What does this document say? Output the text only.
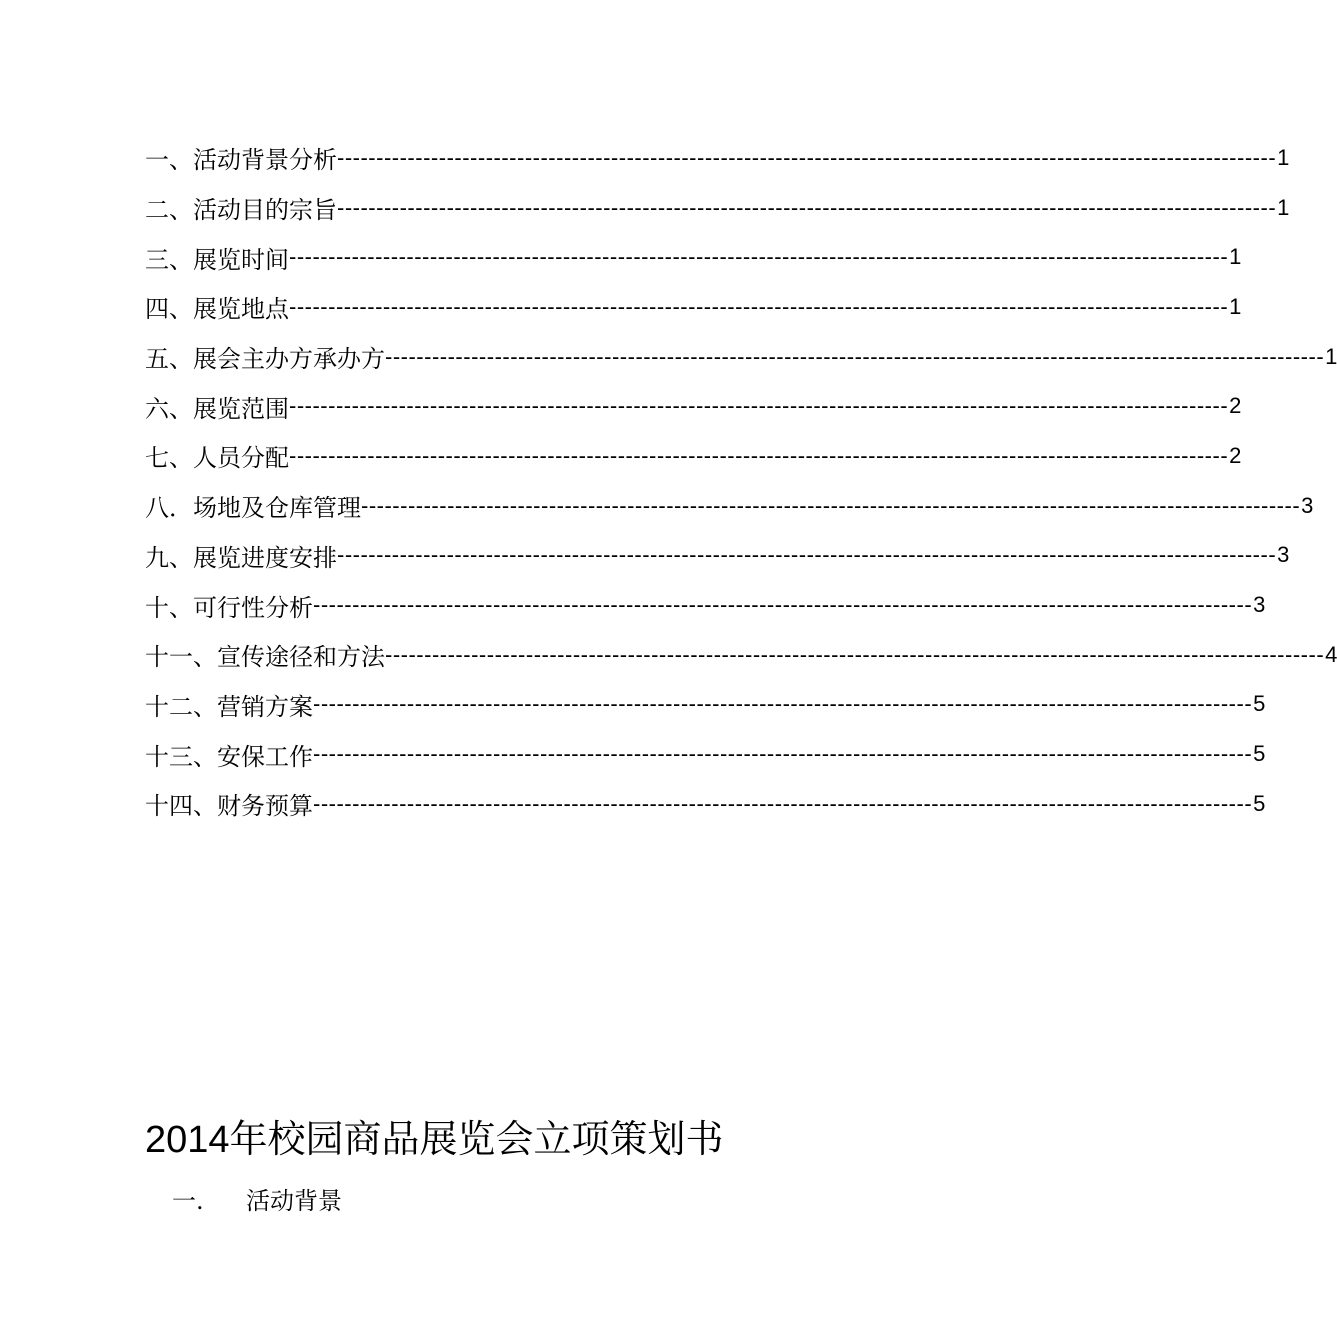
一、活动背景分析 ------------------------------------------------------------------------------------------------------------------------ 1
二、活动目的宗旨 ------------------------------------------------------------------------------------------------------------------------ 1
三、展览时间 ------------------------------------------------------------------------------------------------------------------------ 1
四、展览地点 ------------------------------------------------------------------------------------------------------------------------ 1
五、展会主办方承办方 ------------------------------------------------------------------------------------------------------------------------ 1
六、展览范围 ------------------------------------------------------------------------------------------------------------------------ 2
七、人员分配 ------------------------------------------------------------------------------------------------------------------------ 2
八．场地及仓库管理 ------------------------------------------------------------------------------------------------------------------------ 3
九、展览进度安排 ------------------------------------------------------------------------------------------------------------------------ 3
十、可行性分析 ------------------------------------------------------------------------------------------------------------------------ 3
十一、宣传途径和方法 ------------------------------------------------------------------------------------------------------------------------ 4
十二、营销方案 ------------------------------------------------------------------------------------------------------------------------ 5
十三、安保工作 ------------------------------------------------------------------------------------------------------------------------ 5
十四、财务预算 ------------------------------------------------------------------------------------------------------------------------ 5
2014年校园商品展览会立项策划书
一. 活动背景
